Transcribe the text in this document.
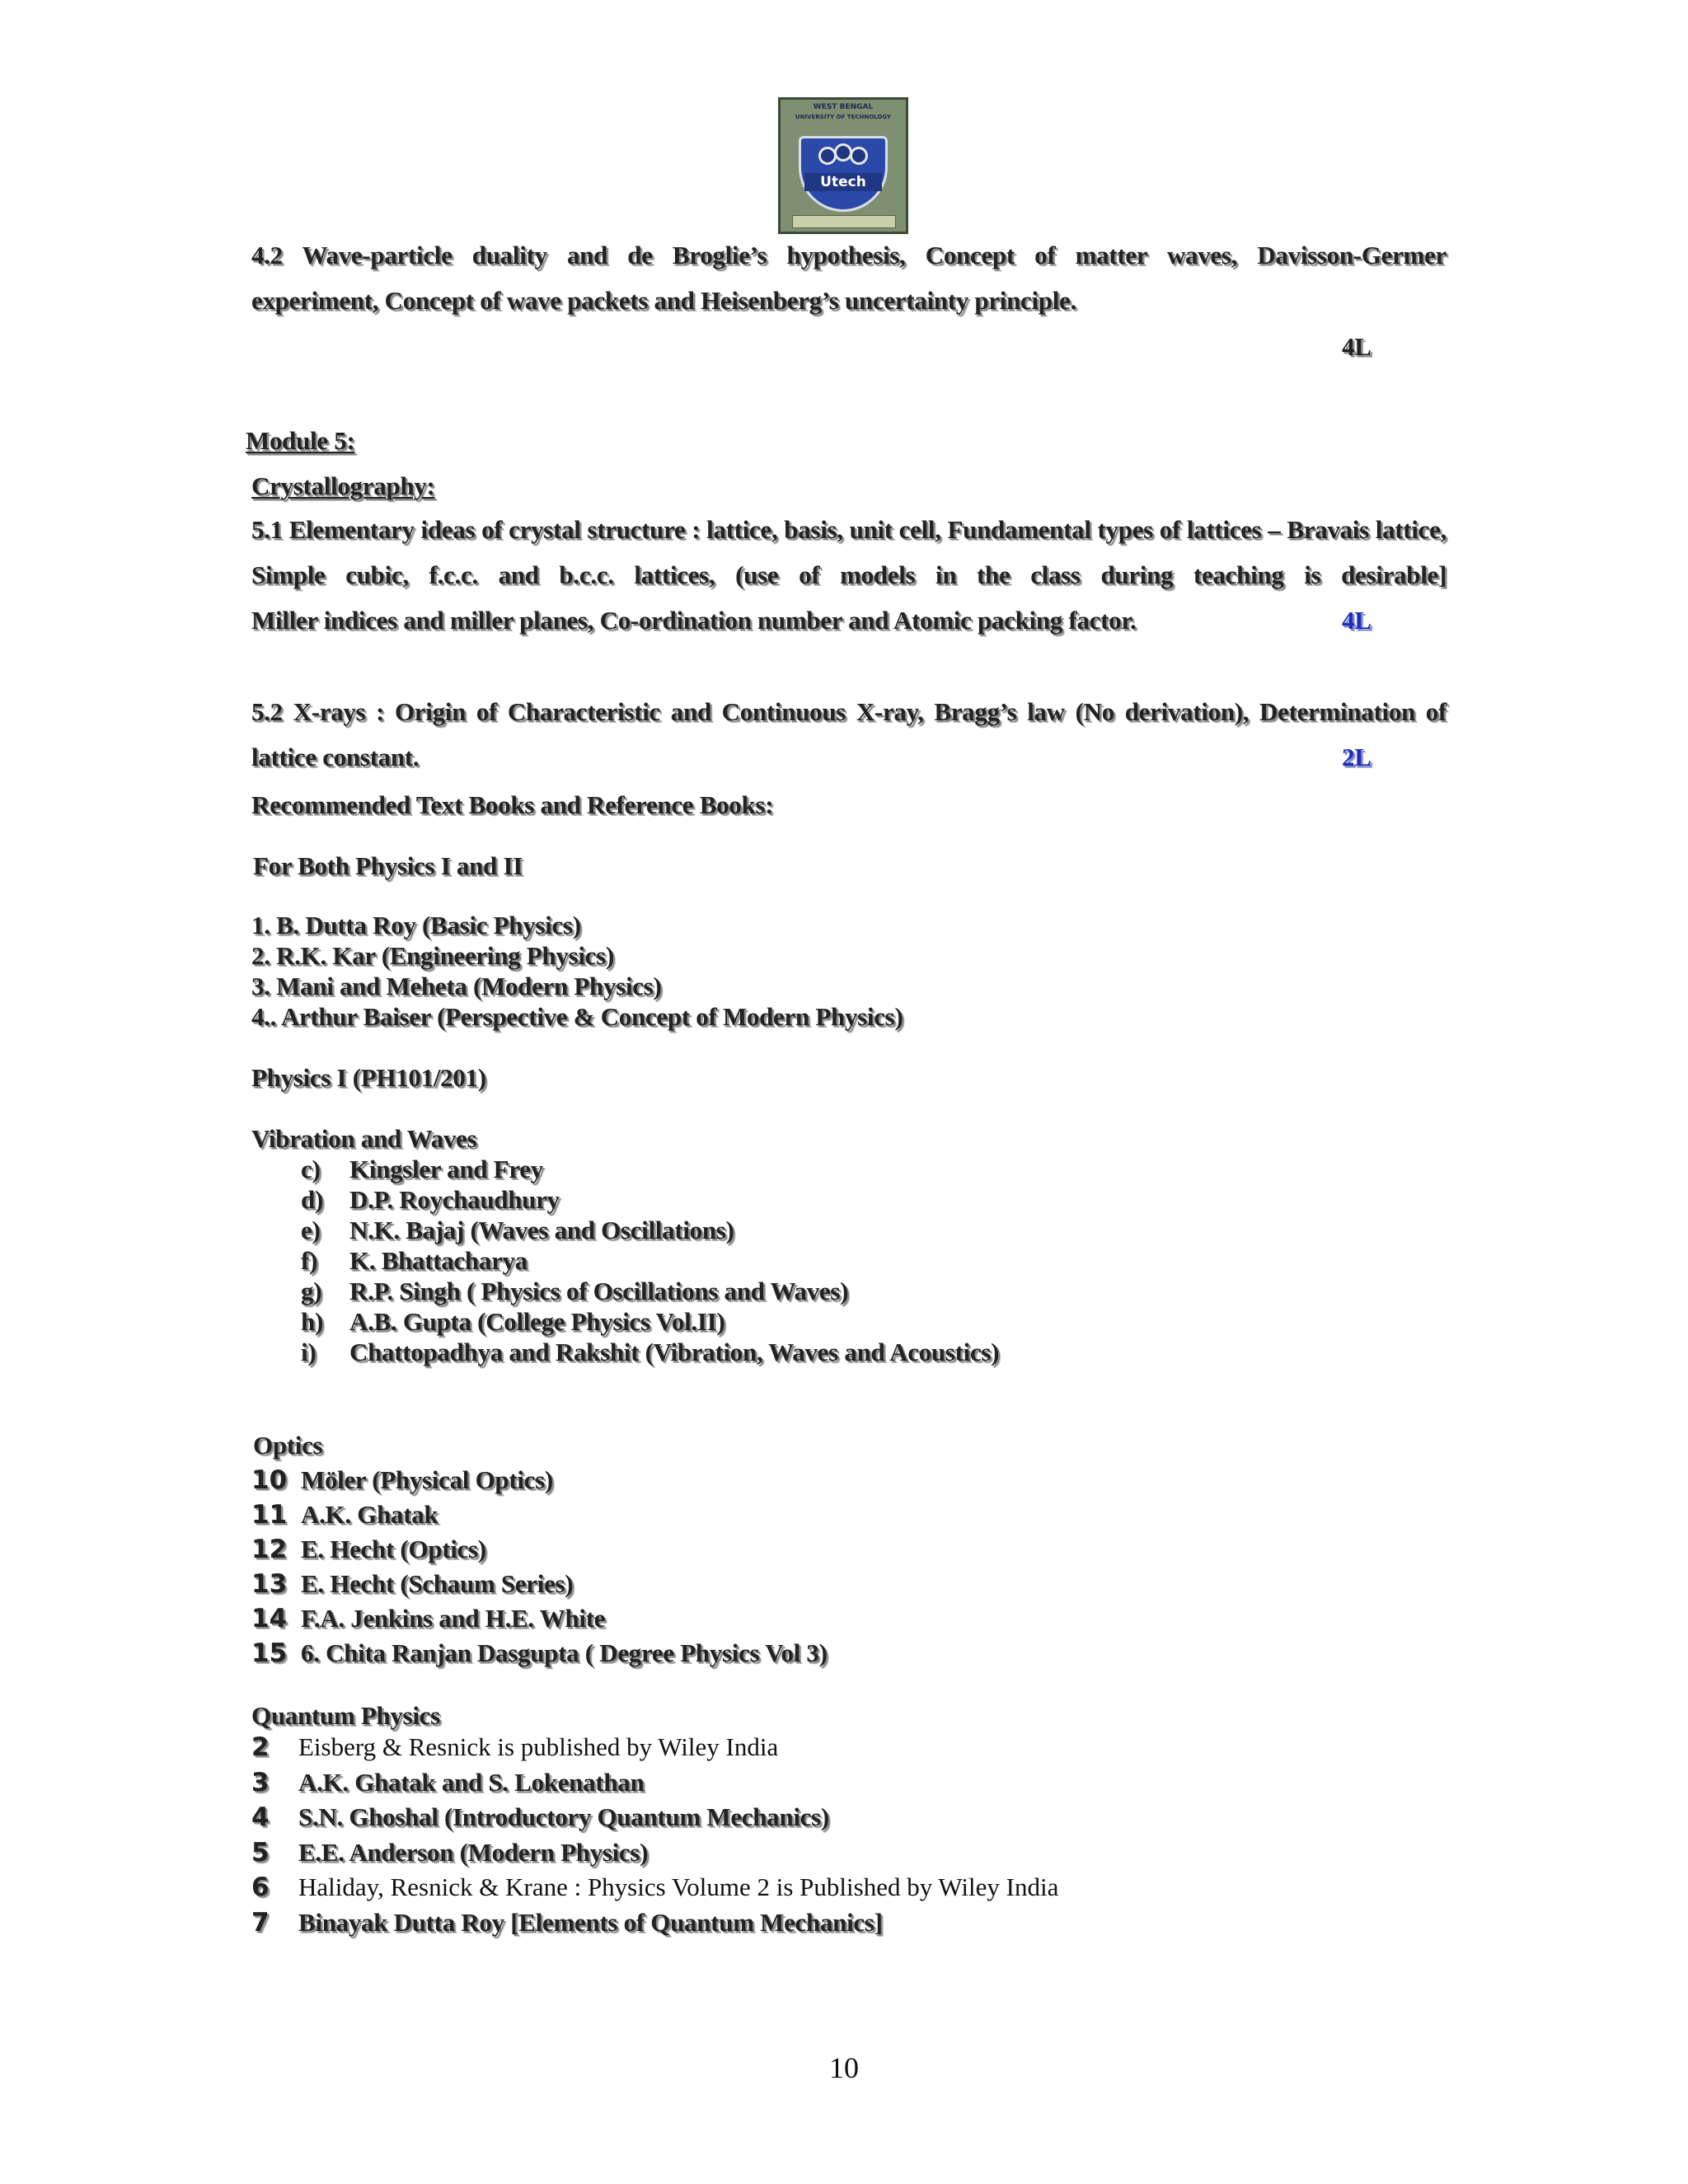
WEST BENGAL
UNIVERSITY OF TECHNOLOGY
Utech
4.2 Wave-particle duality and de Broglie’s hypothesis, Concept of matter waves, Davisson-Germer
experiment, Concept of wave packets and Heisenberg’s uncertainty principle.
4L
Module 5:
Crystallography:
5.1 Elementary ideas of crystal structure : lattice, basis, unit cell, Fundamental types of lattices – Bravais lattice, Simple cubic, f.c.c. and b.c.c. lattices, (use of models in the class during teaching is desirable]
Miller indices and miller planes, Co-ordination number and Atomic packing factor.	4L
5.2 X-rays : Origin of Characteristic and Continuous X-ray, Bragg’s law (No derivation), Determination of
lattice constant.	2L
Recommended Text Books and Reference Books:
For Both Physics I and II
1. B. Dutta Roy (Basic Physics)
2. R.K. Kar (Engineering Physics)
3. Mani and Meheta (Modern Physics)
4.. Arthur Baiser (Perspective & Concept of Modern Physics)
Physics I (PH101/201)
Vibration and Waves
c) Kingsler and Frey
d) D.P. Roychaudhury
e) N.K. Bajaj (Waves and Oscillations)
f) K. Bhattacharya
g) R.P. Singh ( Physics of Oscillations and Waves)
h) A.B. Gupta (College Physics Vol.II)
i) Chattopadhya and Rakshit (Vibration, Waves and Acoustics)
Optics
10 Möler (Physical Optics)
11 A.K. Ghatak
12 E. Hecht (Optics)
13 E. Hecht (Schaum Series)
14 F.A. Jenkins and H.E. White
15 6. Chita Ranjan Dasgupta ( Degree Physics Vol 3)
Quantum Physics
2 Eisberg & Resnick is published by Wiley India
3 A.K. Ghatak and S. Lokenathan
4 S.N. Ghoshal (Introductory Quantum Mechanics)
5 E.E. Anderson (Modern Physics)
6 Haliday, Resnick & Krane : Physics Volume 2 is Published by Wiley India
7 Binayak Dutta Roy [Elements of Quantum Mechanics]
10
